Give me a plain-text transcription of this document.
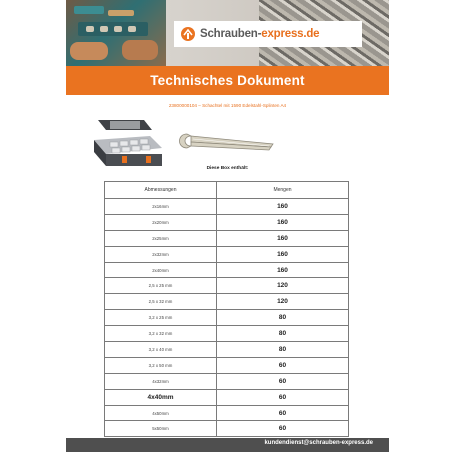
Schrauben-express.de
Technisches Dokument
23800000104 – Schachtel mit 1590 Edelstahl-Splinten A4
Diese Box enthält:
Abmessungen	Mengen
2x16mm	160
2x20mm	160
2x25mm	160
2x32mm	160
2x40mm	160
2,5 x 25 mm	120
2,5 x 32 mm	120
3,2 x 25 mm	80
3,2 x 32 mm	80
3,2 x 40 mm	80
3,2 x 50 mm	60
4x32mm	60
4x40mm	60
4x50mm	60
5x50mm	60
kundendienst@schrauben-express.de
